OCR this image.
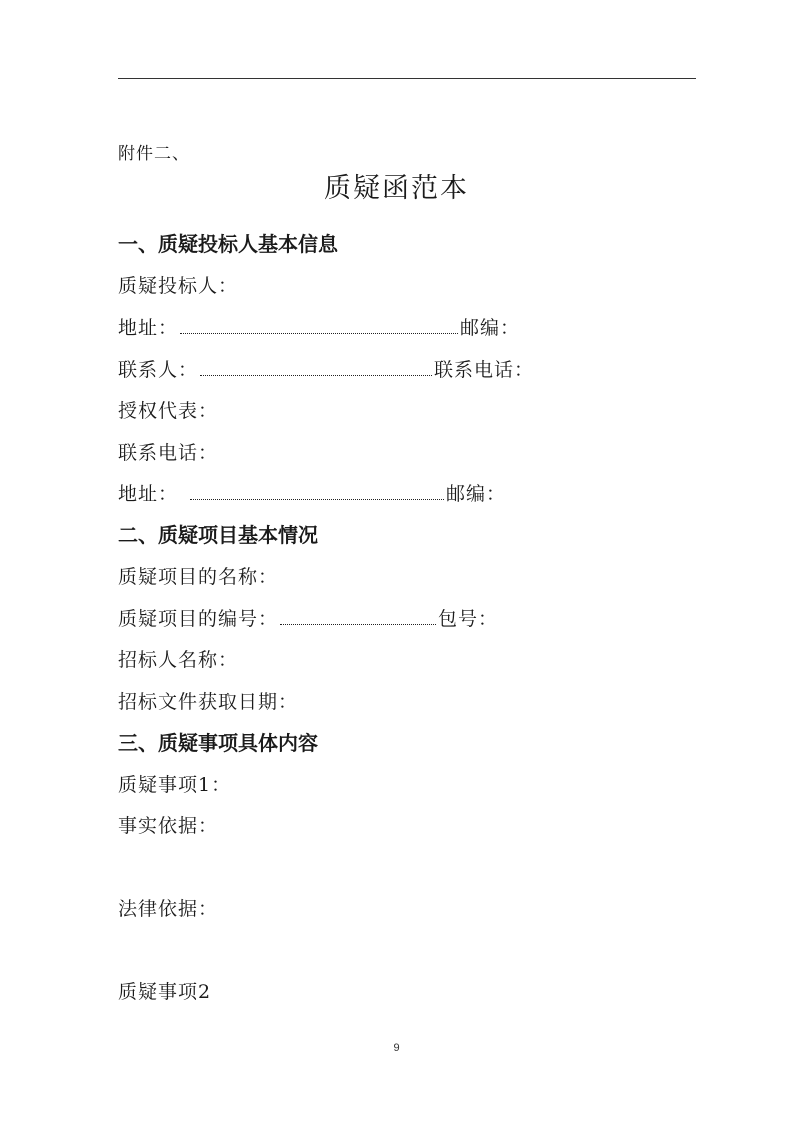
附件二、
质疑函范本
一、质疑投标人基本信息
质疑投标人：
地址：	邮编：
联系人：	联系电话：
授权代表：
联系电话：
地址：	邮编：
二、质疑项目基本情况
质疑项目的名称：
质疑项目的编号：	包号：
招标人名称：
招标文件获取日期：
三、质疑事项具体内容
质疑事项1：
事实依据：
法律依据：
质疑事项2
9
